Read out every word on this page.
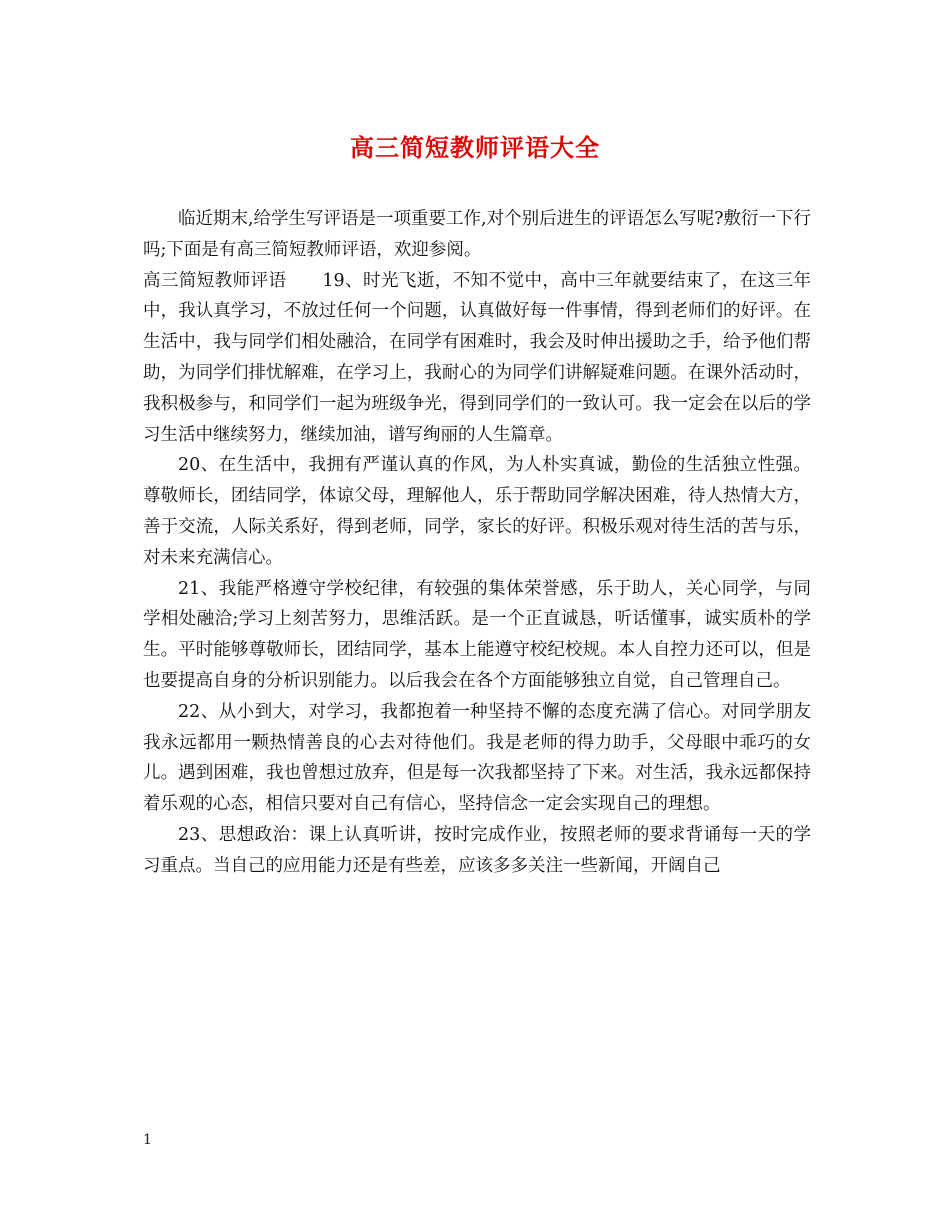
高三简短教师评语大全

临近期末,给学生写评语是一项重要工作,对个别后进生的评语怎么写呢?敷衍一下行吗;下面是有高三简短教师评语，欢迎参阅。

高三简短教师评语　　19、时光飞逝，不知不觉中，高中三年就要结束了，在这三年中，我认真学习，不放过任何一个问题，认真做好每一件事情，得到老师们的好评。在生活中，我与同学们相处融洽，在同学有困难时，我会及时伸出援助之手，给予他们帮助，为同学们排忧解难，在学习上，我耐心的为同学们讲解疑难问题。在课外活动时，我积极参与，和同学们一起为班级争光，得到同学们的一致认可。我一定会在以后的学习生活中继续努力，继续加油，谱写绚丽的人生篇章。

20、在生活中，我拥有严谨认真的作风，为人朴实真诚，勤俭的生活独立性强。尊敬师长，团结同学，体谅父母，理解他人，乐于帮助同学解决困难，待人热情大方，善于交流，人际关系好，得到老师，同学，家长的好评。积极乐观对待生活的苦与乐，对未来充满信心。

21、我能严格遵守学校纪律，有较强的集体荣誉感，乐于助人，关心同学，与同学相处融洽;学习上刻苦努力，思维活跃。是一个正直诚恳，听话懂事，诚实质朴的学生。平时能够尊敬师长，团结同学，基本上能遵守校纪校规。本人自控力还可以，但是也要提高自身的分析识别能力。以后我会在各个方面能够独立自觉，自己管理自己。

22、从小到大，对学习，我都抱着一种坚持不懈的态度充满了信心。对同学朋友我永远都用一颗热情善良的心去对待他们。我是老师的得力助手，父母眼中乖巧的女儿。遇到困难，我也曾想过放弃，但是每一次我都坚持了下来。对生活，我永远都保持着乐观的心态，相信只要对自己有信心，坚持信念一定会实现自己的理想。

23、思想政治：课上认真听讲，按时完成作业，按照老师的要求背诵每一天的学习重点。当自己的应用能力还是有些差，应该多多关注一些新闻，开阔自己

1
